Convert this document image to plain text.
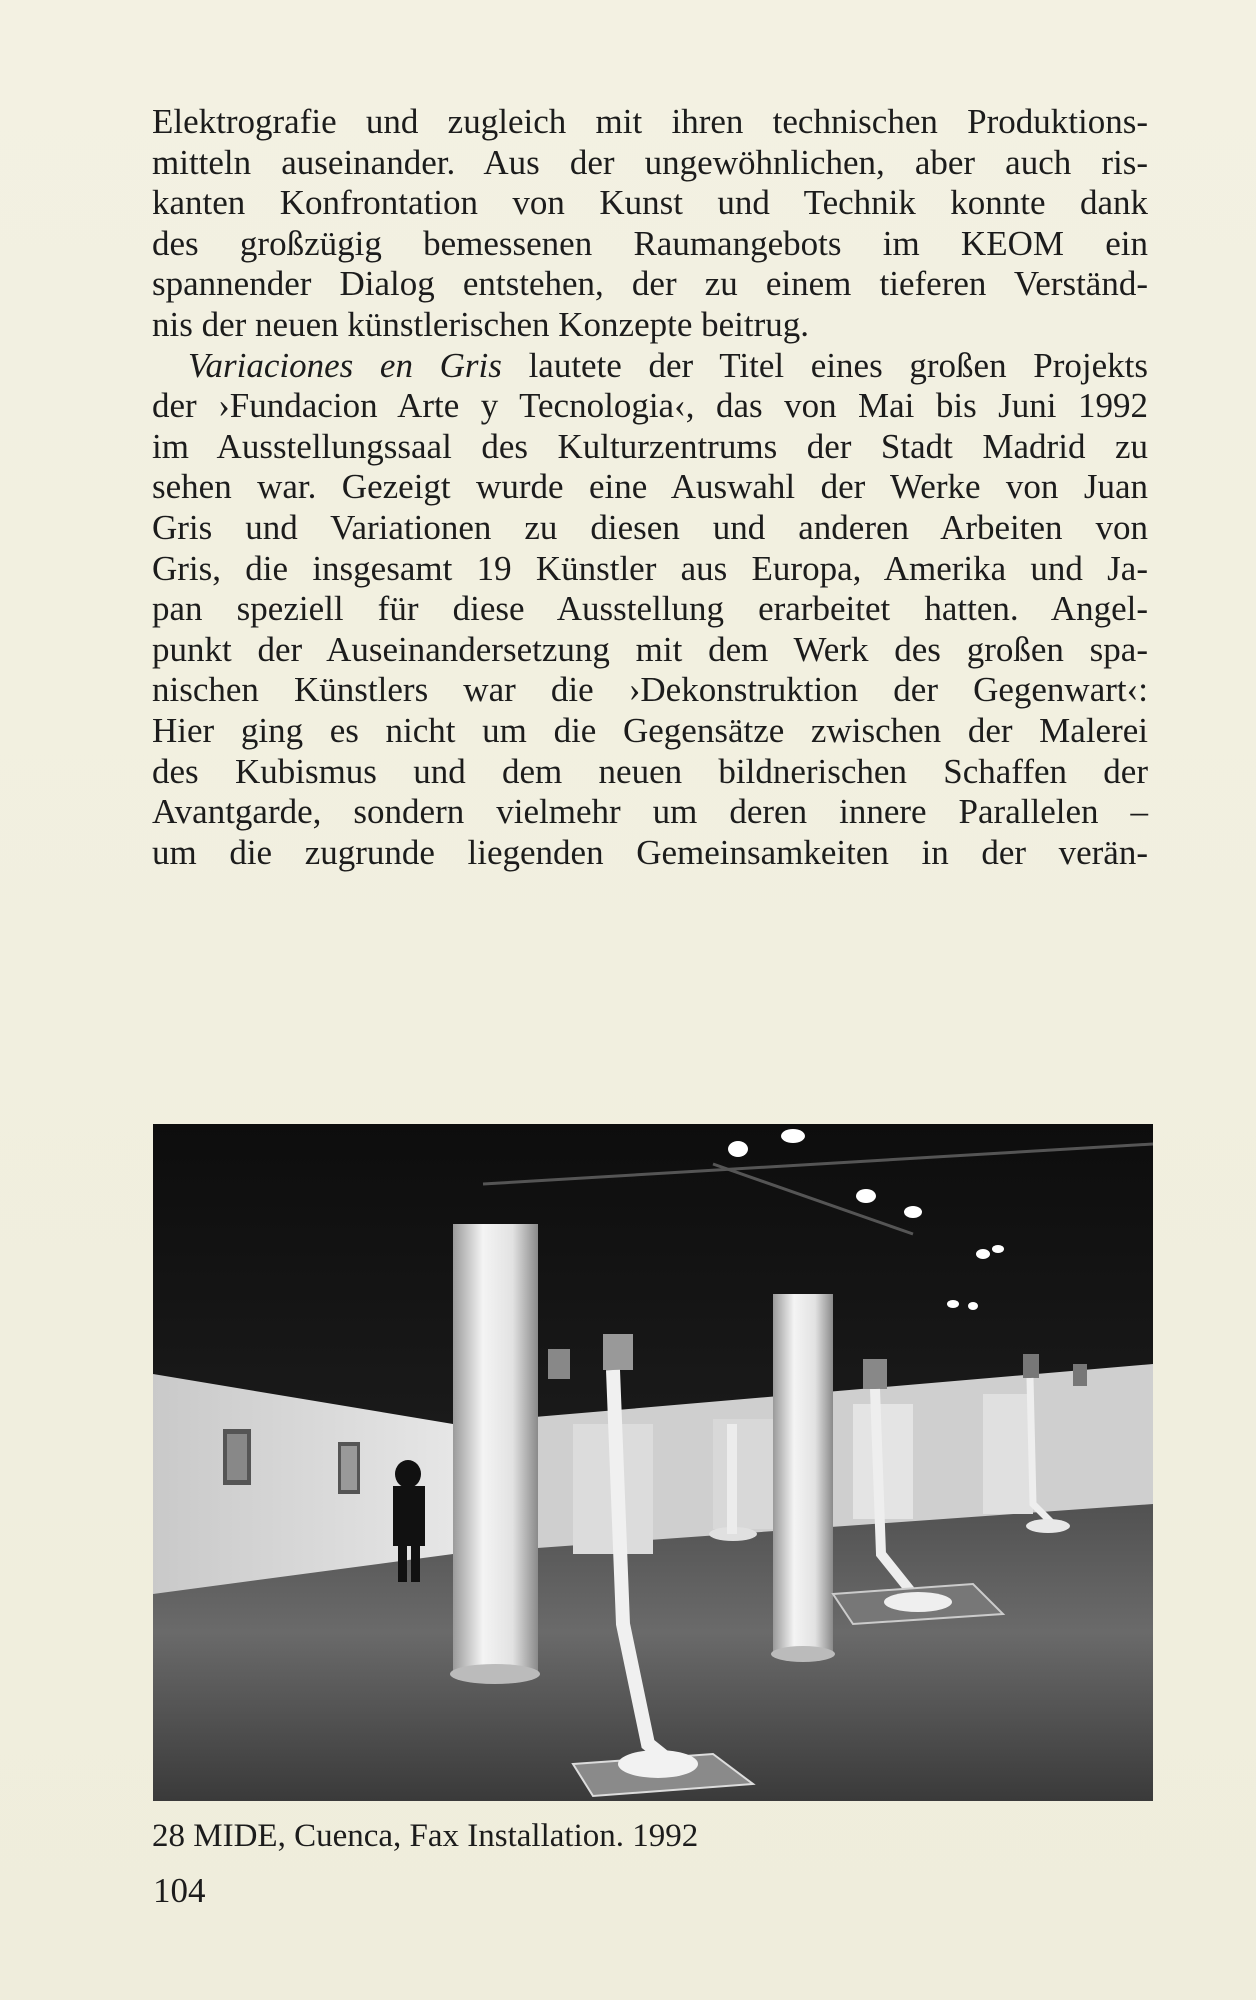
Elektrografie und zugleich mit ihren technischen Produktions-
mitteln auseinander. Aus der ungewöhnlichen, aber auch ris-
kanten Konfrontation von Kunst und Technik konnte dank
des großzügig bemessenen Raumangebots im KEOM ein
spannender Dialog entstehen, der zu einem tieferen Verständ-
nis der neuen künstlerischen Konzepte beitrug.
Variaciones en Gris lautete der Titel eines großen Projekts
der ›Fundacion Arte y Tecnologia‹, das von Mai bis Juni 1992
im Ausstellungssaal des Kulturzentrums der Stadt Madrid zu
sehen war. Gezeigt wurde eine Auswahl der Werke von Juan
Gris und Variationen zu diesen und anderen Arbeiten von
Gris, die insgesamt 19 Künstler aus Europa, Amerika und Ja-
pan speziell für diese Ausstellung erarbeitet hatten. Angel-
punkt der Auseinandersetzung mit dem Werk des großen spa-
nischen Künstlers war die ›Dekonstruktion der Gegenwart‹:
Hier ging es nicht um die Gegensätze zwischen der Malerei
des Kubismus und dem neuen bildnerischen Schaffen der
Avantgarde, sondern vielmehr um deren innere Parallelen –
um die zugrunde liegenden Gemeinsamkeiten in der verän-
28 MIDE, Cuenca, Fax Installation. 1992
104
